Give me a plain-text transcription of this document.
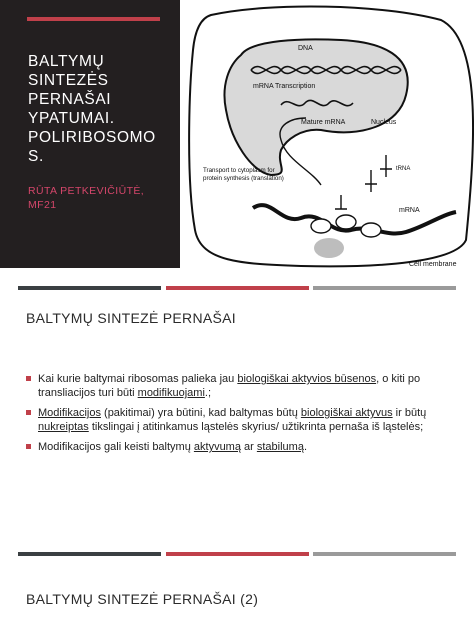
BALTYMŲ
SINTEZĖS
PERNAŠAI
YPATUMAI.
POLIRIBOSOMO
S.
RŪTA PETKEVIČIŪTĖ,
MF21
DNA
mRNA Transcription
Mature mRNA	Nucleus
tRNA
Transport to cytoplasm for
protein synthesis (translation)
mRNA
Cell membrane
BALTYMŲ SINTEZĖ PERNAŠAI
Kai kurie baltymai ribosomas palieka jau biologiškai aktyvios būsenos, o kiti po transliacijos turi būti modifikuojami.;
Modifikacijos (pakitimai) yra būtini, kad baltymas būtų biologiškai aktyvus ir būtų nukreiptas tikslingai į atitinkamus ląstelės skyrius/ užtikrinta pernaša iš ląstelės;
Modifikacijos gali keisti baltymų aktyvumą ar stabilumą.
BALTYMŲ SINTEZĖ PERNAŠAI (2)
